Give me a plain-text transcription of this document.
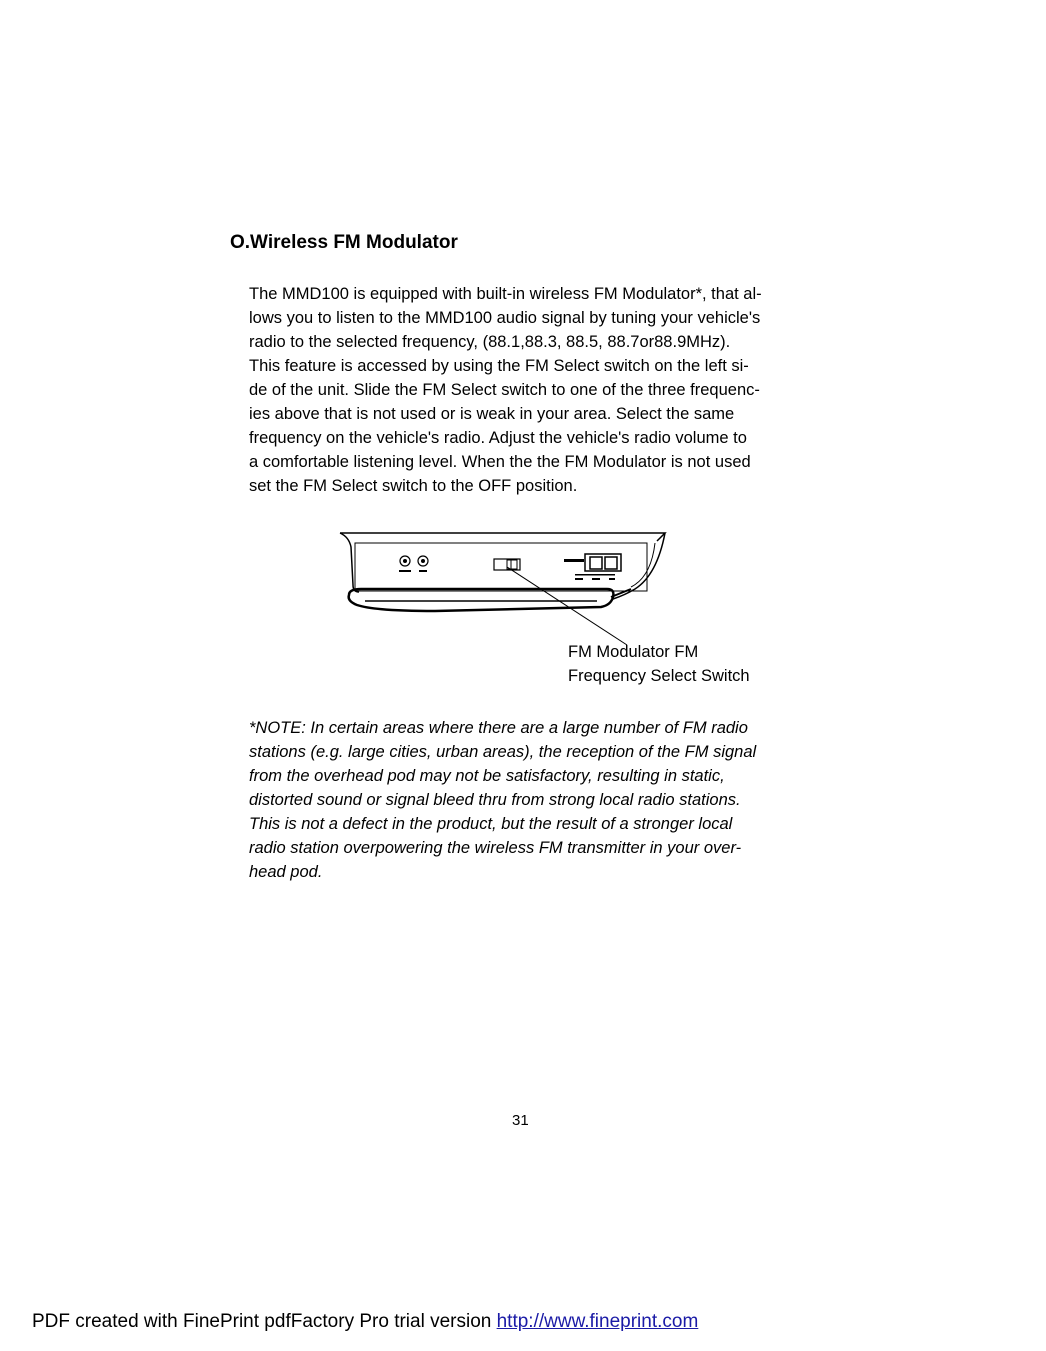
O.Wireless FM Modulator
The MMD100 is equipped with built-in wireless FM Modulator*, that al-
lows you to listen to the MMD100 audio signal by tuning your vehicle's
radio to the selected frequency, (88.1,88.3, 88.5, 88.7or88.9MHz).
This feature is accessed by using the FM Select switch on the left si-
de of the unit. Slide the FM Select switch to one of the three frequenc-
ies above that is not used or is weak in your area. Select the same
frequency on the vehicle's radio. Adjust the vehicle's radio volume to
a comfortable listening level. When the the FM Modulator is not used
set the FM Select switch to the OFF position.
FM Modulator FM
Frequency Select Switch
*NOTE: In certain areas where there are a large number of FM radio
stations (e.g. large cities, urban areas), the reception of the FM signal
from the overhead pod may not be satisfactory, resulting in static,
distorted sound or signal bleed thru from strong local radio stations.
This is not a defect in the product, but the result of a stronger local
radio station overpowering the wireless FM transmitter in your over-
head pod.
31
PDF created with FinePrint pdfFactory Pro trial version http://www.fineprint.com
